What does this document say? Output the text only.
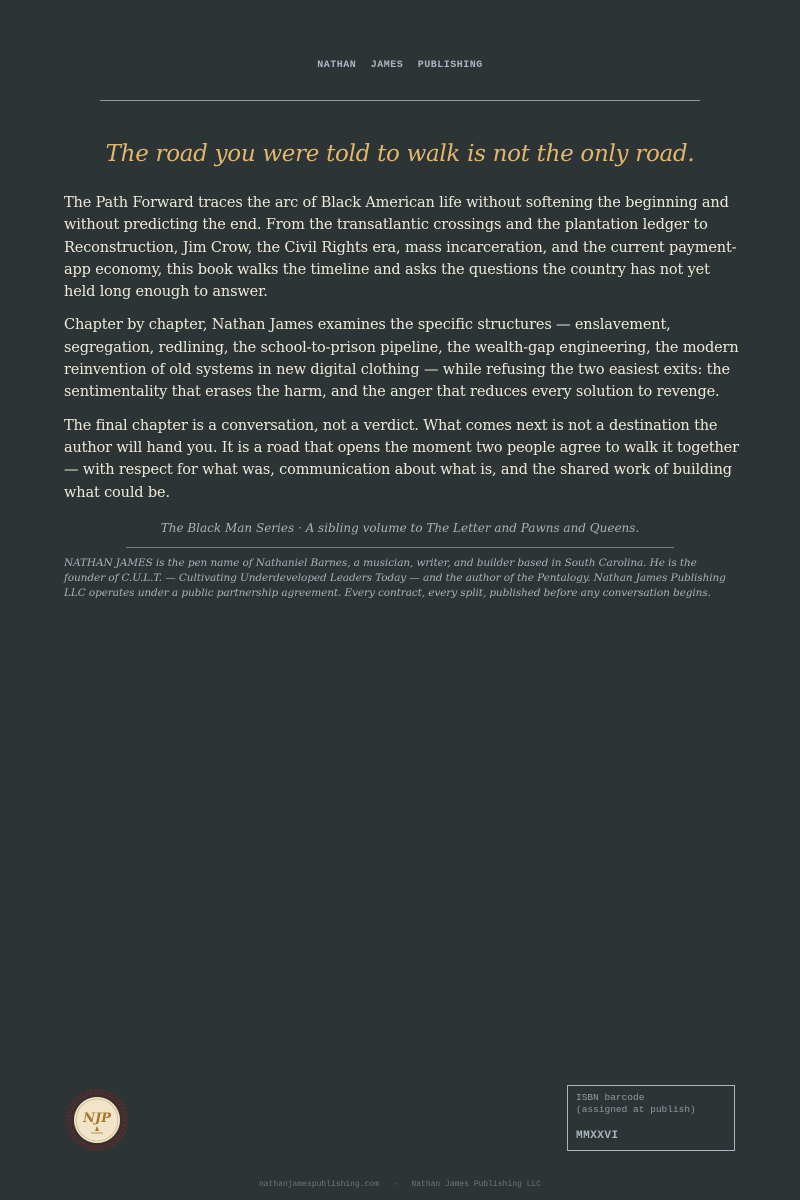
NATHAN JAMES PUBLISHING
The road you were told to walk is not the only road.

The Path Forward traces the arc of Black American life without softening the beginning and without predicting the end. From the transatlantic crossings and the plantation ledger to Reconstruction, Jim Crow, the Civil Rights era, mass incarceration, and the current payment-app economy, this book walks the timeline and asks the questions the country has not yet held long enough to answer.

Chapter by chapter, Nathan James examines the specific structures — enslavement, segregation, redlining, the school-to-prison pipeline, the wealth-gap engineering, the modern reinvention of old systems in new digital clothing — while refusing the two easiest exits: the sentimentality that erases the harm, and the anger that reduces every solution to revenge.

The final chapter is a conversation, not a verdict. What comes next is not a destination the author will hand you. It is a road that opens the moment two people agree to walk it together — with respect for what was, communication about what is, and the shared work of building what could be.

The Black Man Series · A sibling volume to The Letter and Pawns and Queens.
NATHAN JAMES is the pen name of Nathaniel Barnes, a musician, writer, and builder based in South Carolina. He is the founder of C.U.L.T. — Cultivating Underdeveloped Leaders Today — and the author of the Pentalogy. Nathan James Publishing LLC operates under a public partnership agreement. Every contract, every split, published before any conversation begins.
NJP
ISBN barcode
(assigned at publish)
MMXXVI
nathanjamespublishing.com · Nathan James Publishing LLC
